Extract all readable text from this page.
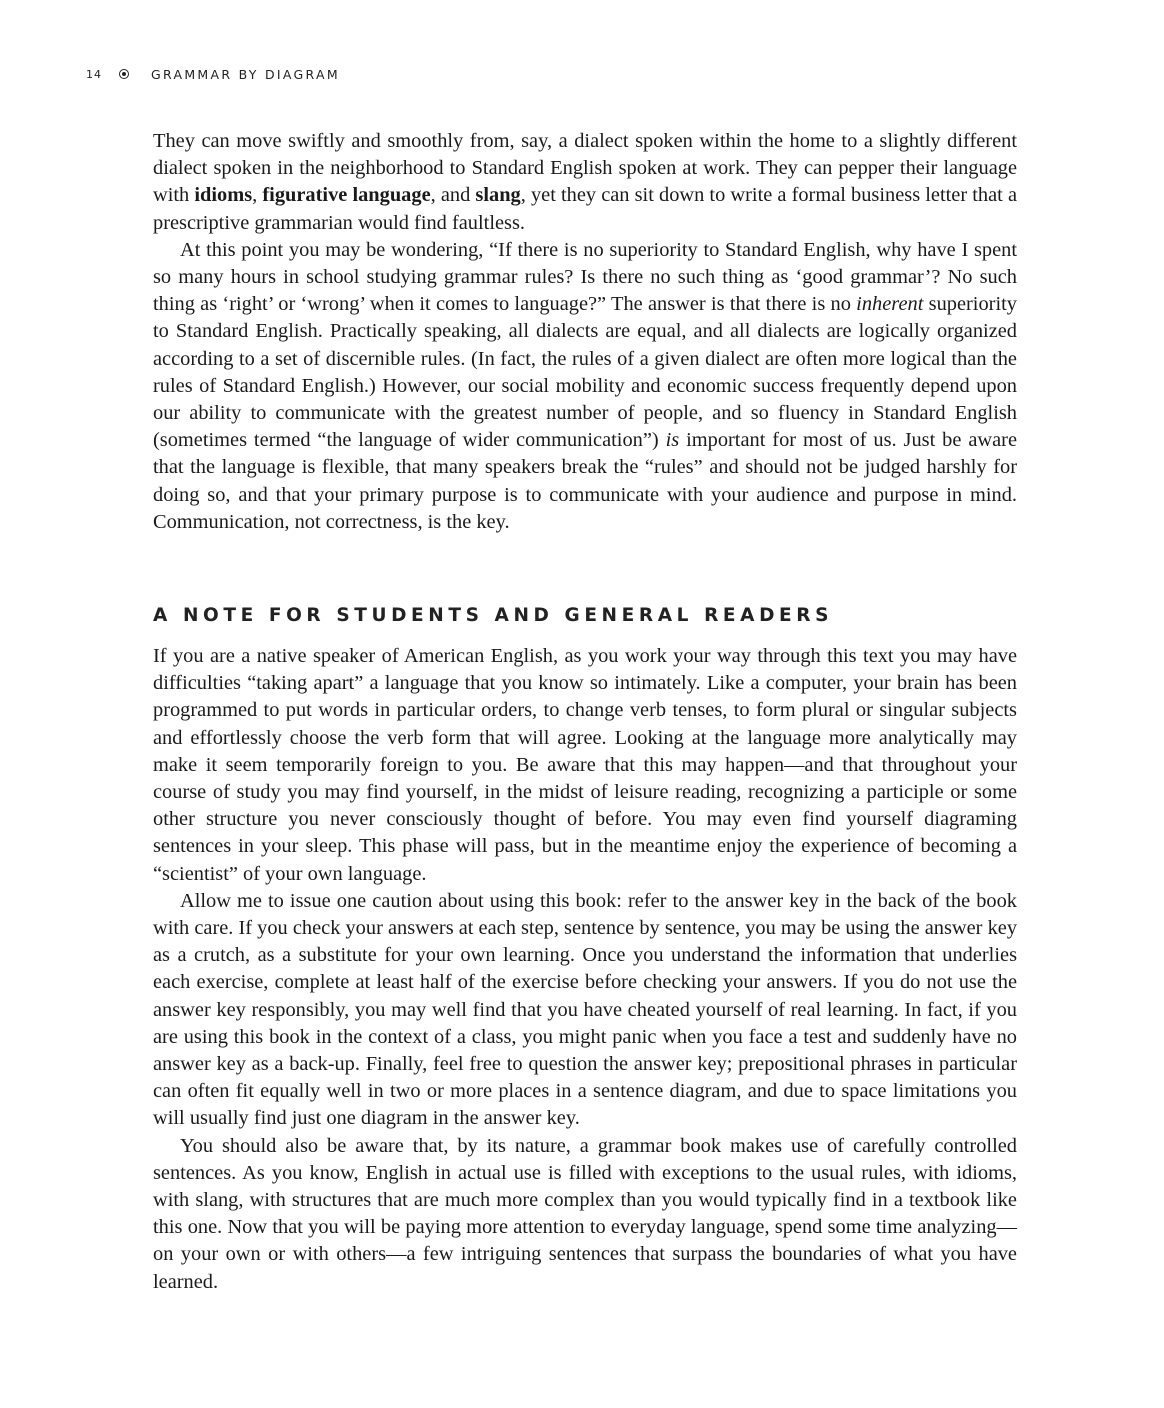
14	GRAMMAR BY DIAGRAM

They can move swiftly and smoothly from, say, a dialect spoken within the home to a slightly different dialect spoken in the neighborhood to Standard English spoken at work. They can pepper their language with idioms, figurative language, and slang, yet they can sit down to write a formal business letter that a prescriptive grammarian would find faultless.

At this point you may be wondering, “If there is no superiority to Standard English, why have I spent so many hours in school studying grammar rules? Is there no such thing as ‘good grammar’? No such thing as ‘right’ or ‘wrong’ when it comes to language?” The answer is that there is no inherent superiority to Standard English. Practically speaking, all dialects are equal, and all dialects are logically organized according to a set of discernible rules. (In fact, the rules of a given dialect are often more logical than the rules of Standard English.) However, our social mobility and economic success frequently depend upon our ability to communicate with the greatest number of people, and so fluency in Standard English (sometimes termed “the language of wider communication”) is important for most of us. Just be aware that the language is flexible, that many speakers break the “rules” and should not be judged harshly for doing so, and that your primary purpose is to communicate with your audience and purpose in mind. Communication, not correctness, is the key.

A NOTE FOR STUDENTS AND GENERAL READERS

If you are a native speaker of American English, as you work your way through this text you may have difficulties “taking apart” a language that you know so intimately. Like a computer, your brain has been programmed to put words in particular orders, to change verb tenses, to form plural or singular subjects and effortlessly choose the verb form that will agree. Looking at the language more analytically may make it seem temporarily foreign to you. Be aware that this may happen—and that throughout your course of study you may find yourself, in the midst of leisure reading, recognizing a participle or some other structure you never consciously thought of before. You may even find yourself diagraming sentences in your sleep. This phase will pass, but in the meantime enjoy the experience of becoming a “scientist” of your own language.

Allow me to issue one caution about using this book: refer to the answer key in the back of the book with care. If you check your answers at each step, sentence by sentence, you may be using the answer key as a crutch, as a substitute for your own learning. Once you understand the information that underlies each exercise, complete at least half of the exercise before checking your answers. If you do not use the answer key responsibly, you may well find that you have cheated yourself of real learning. In fact, if you are using this book in the context of a class, you might panic when you face a test and suddenly have no answer key as a back-up. Finally, feel free to question the answer key; prepositional phrases in particular can often fit equally well in two or more places in a sentence diagram, and due to space limitations you will usually find just one diagram in the answer key.

You should also be aware that, by its nature, a grammar book makes use of carefully controlled sentences. As you know, English in actual use is filled with exceptions to the usual rules, with idioms, with slang, with structures that are much more complex than you would typically find in a textbook like this one. Now that you will be paying more attention to everyday language, spend some time analyzing—on your own or with others—a few intriguing sentences that surpass the boundaries of what you have learned.
